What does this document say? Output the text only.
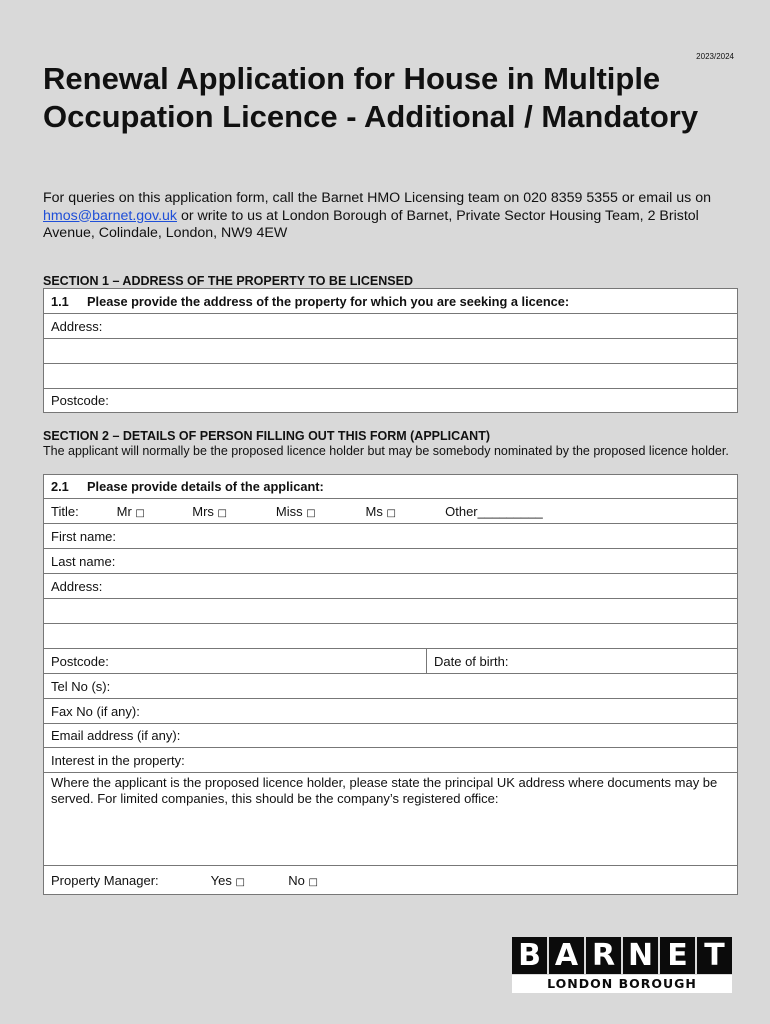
2023/2024
Renewal Application for House in Multiple Occupation Licence - Additional / Mandatory
For queries on this application form, call the Barnet HMO Licensing team on 020 8359 5355 or email us on hmos@barnet.gov.uk or write to us at London Borough of Barnet, Private Sector Housing Team, 2 Bristol Avenue, Colindale, London, NW9 4EW
SECTION 1 – ADDRESS OF THE PROPERTY TO BE LICENSED
1.1 Please provide the address of the property for which you are seeking a licence:
Address:

Postcode:
SECTION 2 – DETAILS OF PERSON FILLING OUT THIS FORM (APPLICANT)
The applicant will normally be the proposed licence holder but may be somebody nominated by the proposed licence holder.
2.1 Please provide details of the applicant:
Title:	Mr □	Mrs □	Miss □	Ms □	Other_________
First name:
Last name:
Address:

Postcode:	Date of birth:
Tel No (s):
Fax No (if any):
Email address (if any):
Interest in the property:
Where the applicant is the proposed licence holder, please state the principal UK address where documents may be served. For limited companies, this should be the company’s registered office:
Property Manager:	Yes □	No □
B A R N E T
LONDON BOROUGH
